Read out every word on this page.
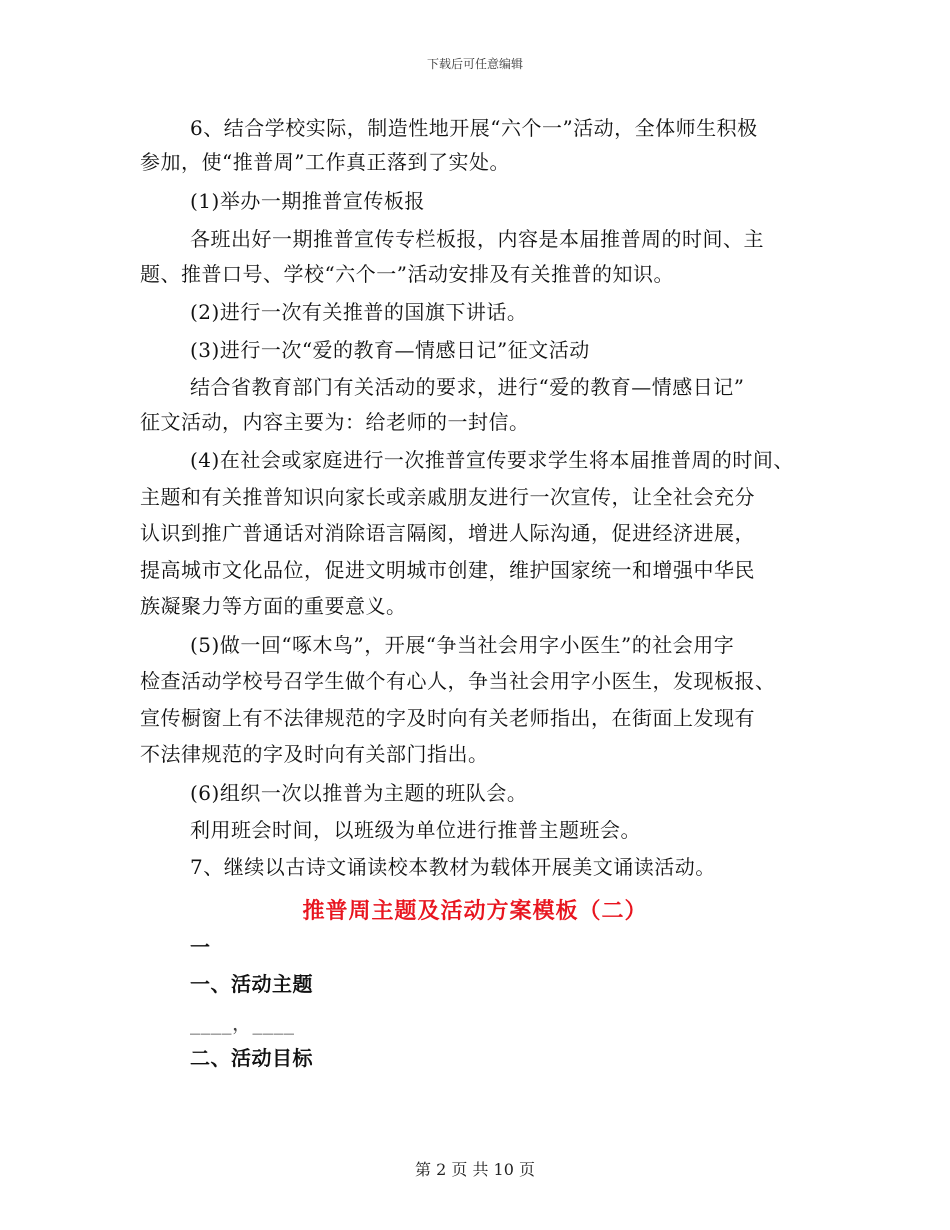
下载后可任意编辑
6、结合学校实际，制造性地开展“六个一”活动，全体师生积极
参加，使“推普周”工作真正落到了实处。
(1)举办一期推普宣传板报
各班出好一期推普宣传专栏板报，内容是本届推普周的时间、主
题、推普口号、学校“六个一”活动安排及有关推普的知识。
(2)进行一次有关推普的国旗下讲话。
(3)进行一次“爱的教育—情感日记”征文活动
结合省教育部门有关活动的要求，进行“爱的教育—情感日记”
征文活动，内容主要为：给老师的一封信。
(4)在社会或家庭进行一次推普宣传要求学生将本届推普周的时间、
主题和有关推普知识向家长或亲戚朋友进行一次宣传，让全社会充分
认识到推广普通话对消除语言隔阂，增进人际沟通，促进经济进展，
提高城市文化品位，促进文明城市创建，维护国家统一和增强中华民
族凝聚力等方面的重要意义。
(5)做一回“啄木鸟”，开展“争当社会用字小医生”的社会用字
检查活动学校号召学生做个有心人，争当社会用字小医生，发现板报、
宣传橱窗上有不法律规范的字及时向有关老师指出，在街面上发现有
不法律规范的字及时向有关部门指出。
(6)组织一次以推普为主题的班队会。
利用班会时间，以班级为单位进行推普主题班会。
7、继续以古诗文诵读校本教材为载体开展美文诵读活动。
推普周主题及活动方案模板（二）
一
一、活动主题
____，____
二、活动目标
第 2 页 共 10 页
